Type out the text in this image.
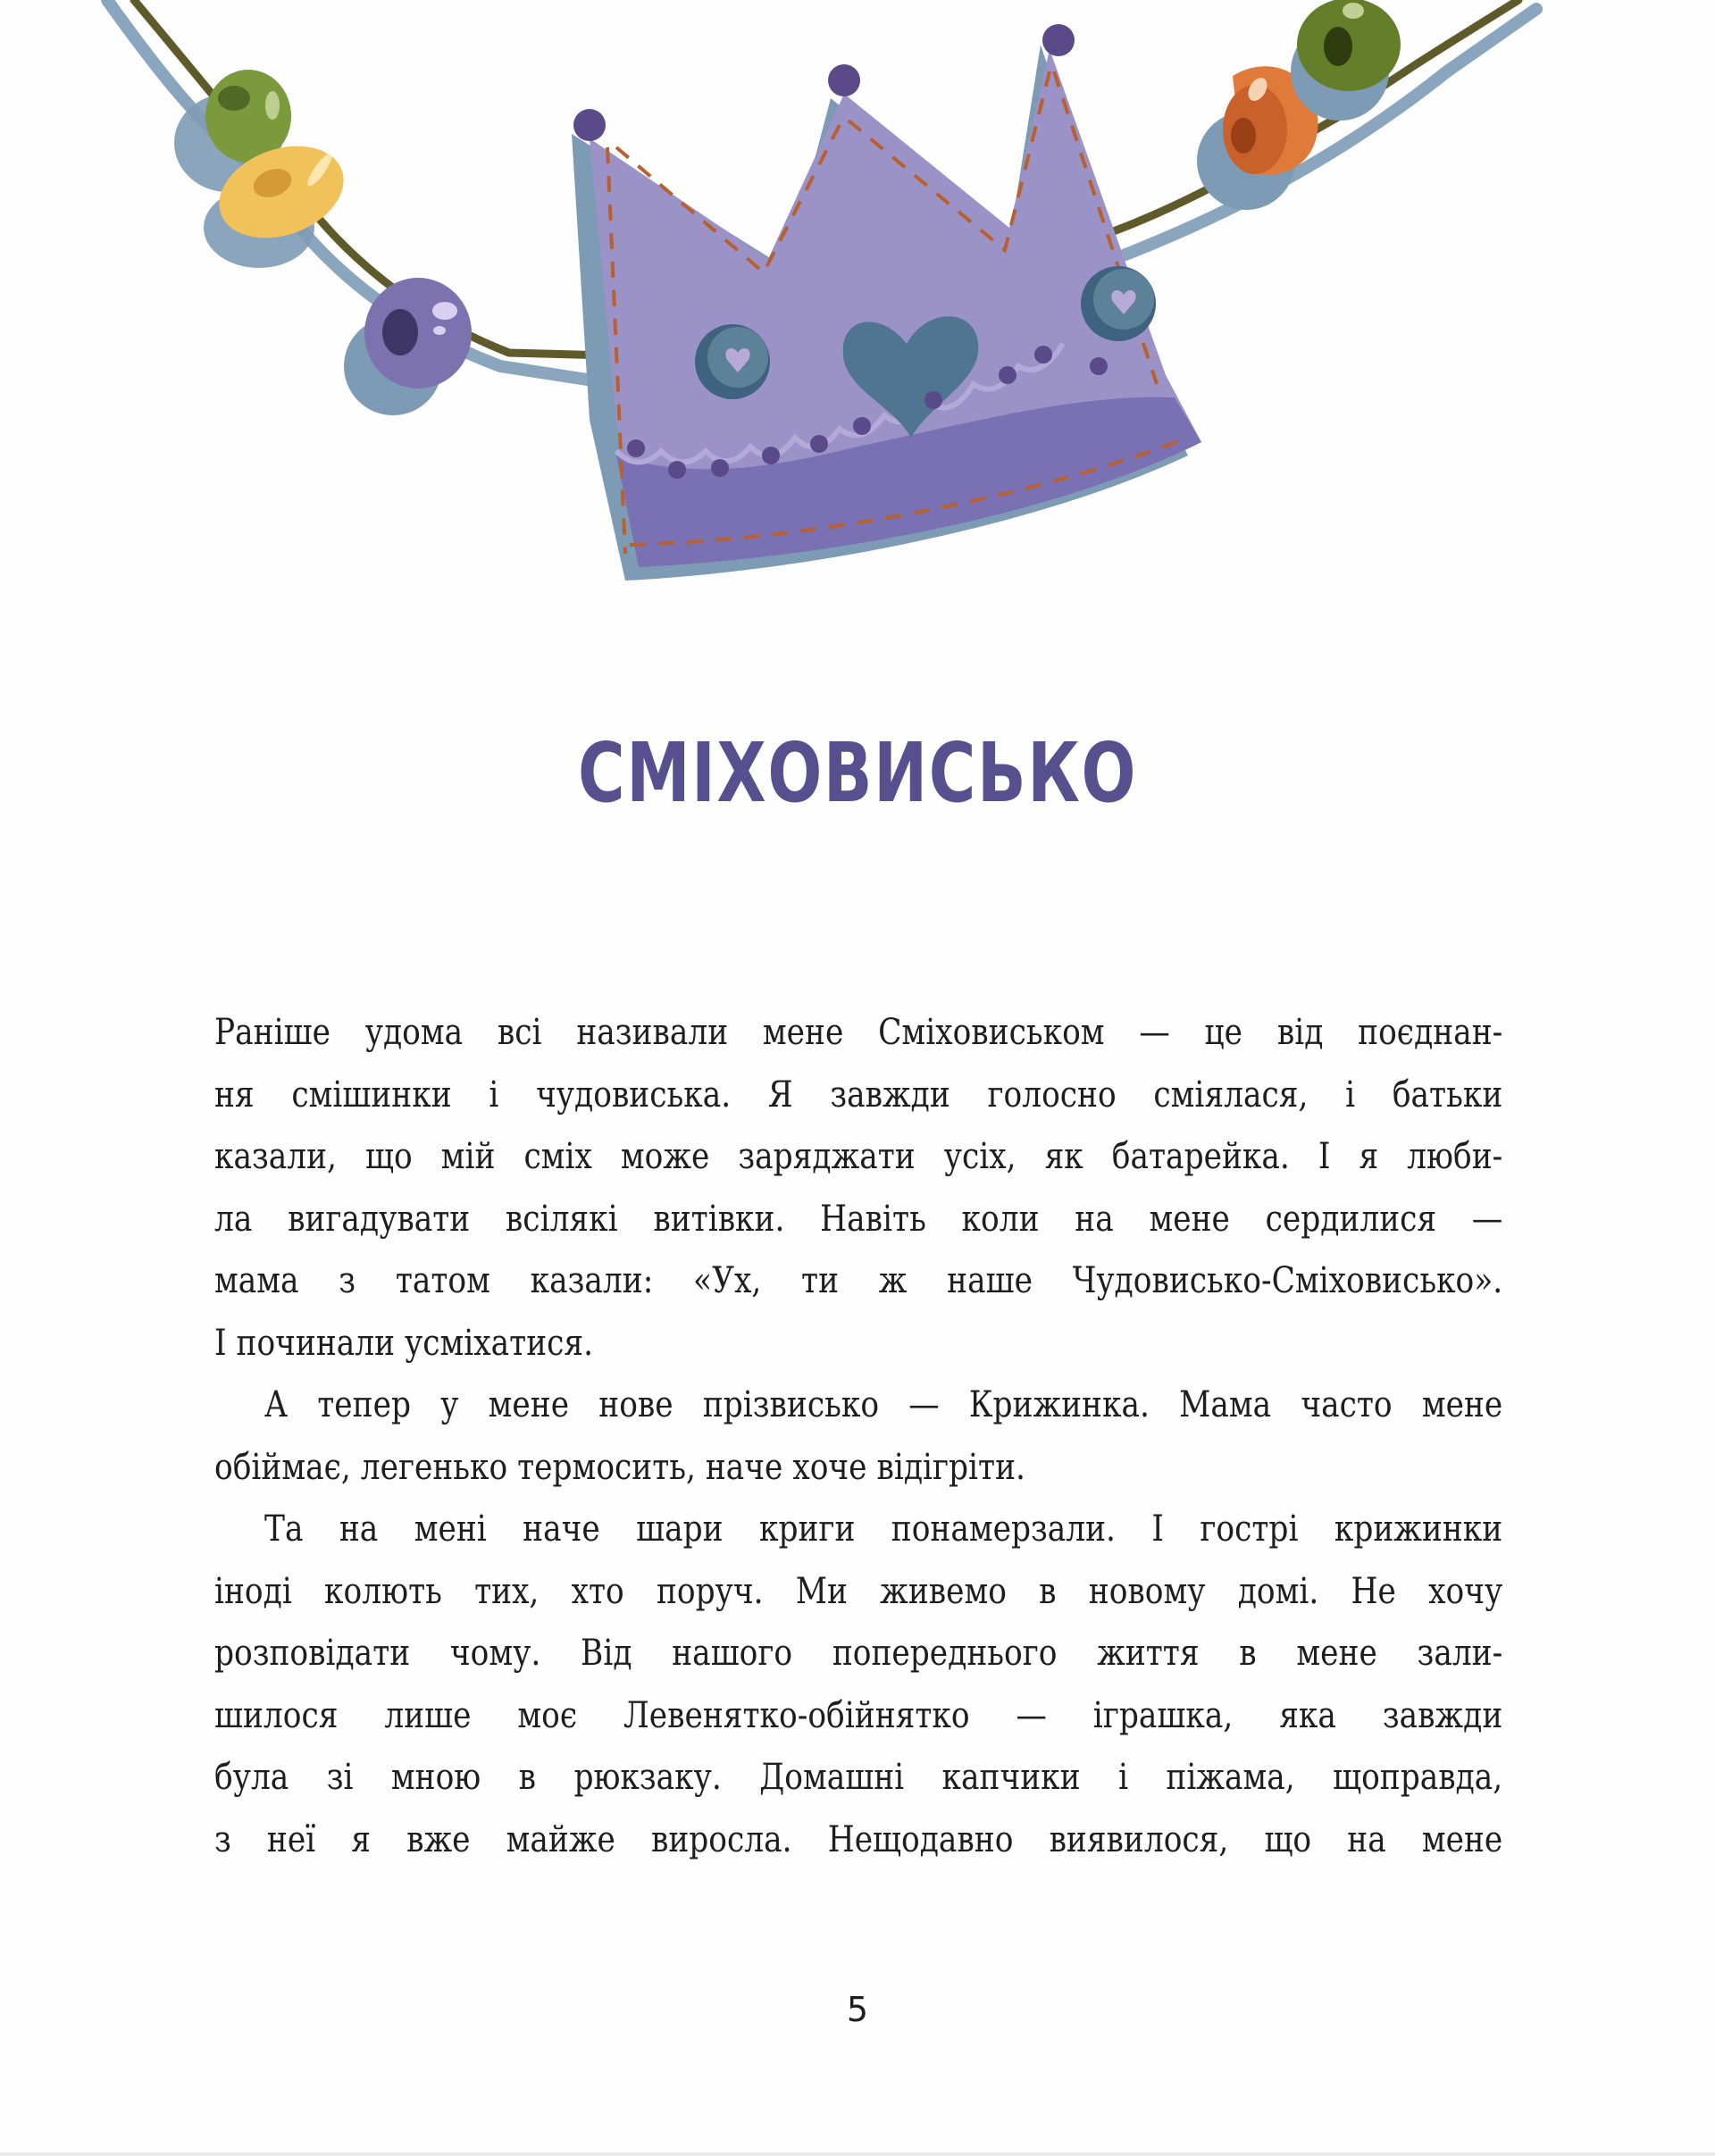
СМІХОВИСЬКО
Раніше удома всі називали мене Сміховиськом — це від поєднан-
ня смішинки і чудовиська. Я завжди голосно сміялася, і батьки
казали, що мій сміх може заряджати усіх, як батарейка. І я люби-
ла вигадувати всілякі витівки. Навіть коли на мене сердилися —
мама з татом казали: «Ух, ти ж наше Чудовисько-Сміховисько».
І починали усміхатися.
А тепер у мене нове прізвисько — Крижинка. Мама часто мене
обіймає, легенько термосить, наче хоче відігріти.
Та на мені наче шари криги понамерзали. І гострі крижинки
іноді колють тих, хто поруч. Ми живемо в новому домі. Не хочу
розповідати чому. Від нашого попереднього життя в мене зали-
шилося лише моє Левенятко-обійнятко — іграшка, яка завжди
була зі мною в рюкзаку. Домашні капчики і піжама, щоправда,
з неї я вже майже виросла. Нещодавно виявилося, що на мене
5
